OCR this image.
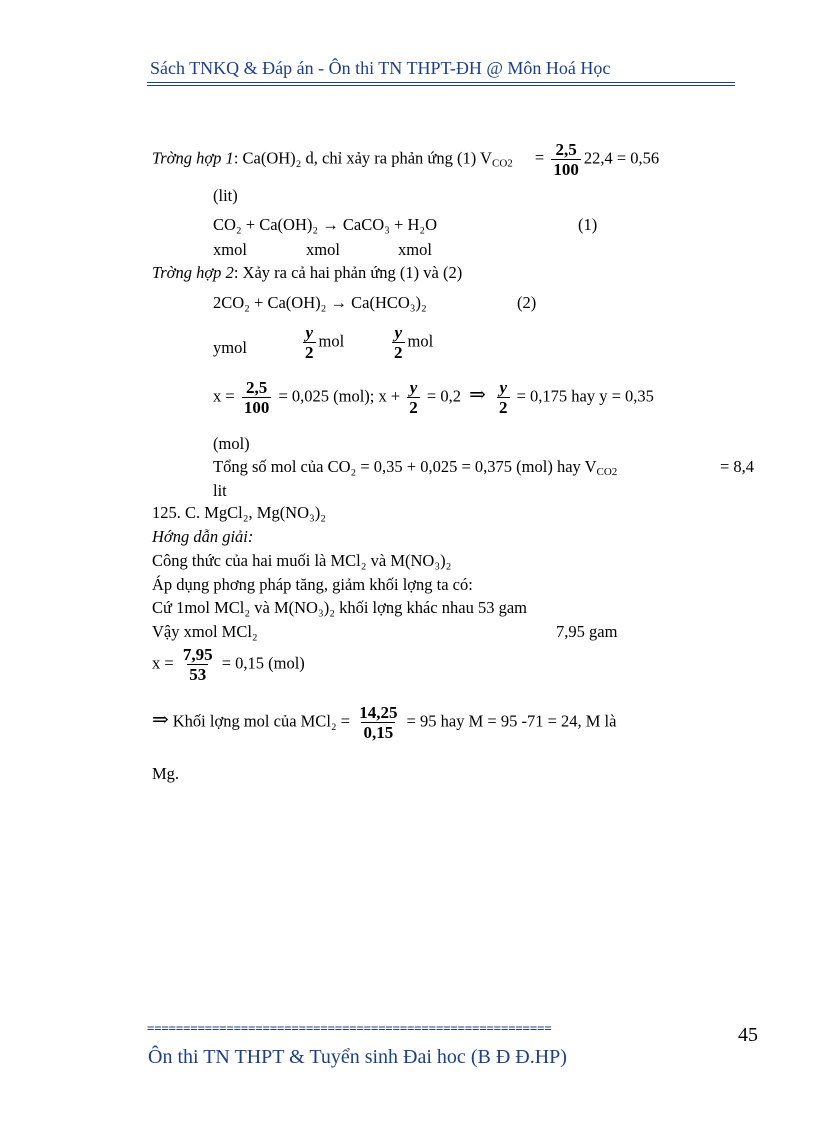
Sách TNKQ & Đáp án - Ôn thi TN THPT-ĐH @ Môn Hoá Học
Trờng hợp 1: Ca(OH)₂ d, chỉ xảy ra phản ứng (1) $V_{CO2} = \frac{2,5}{100} 22,4 = 0,56$
(lit)
CO₂ + Ca(OH)₂ → CaCO₃ + H₂O	(1)
xmol	xmol	xmol
Trờng hợp 2: Xảy ra cả hai phản ứng (1) và (2)
2CO₂ + Ca(OH)₂ → Ca(HCO₃)₂	(2)
ymol	$\frac{y}{2}$ mol	$\frac{y}{2}$ mol
$x = \frac{2,5}{100} = 0,025$ (mol); $x + \frac{y}{2} = 0,2$ ⇒ $\frac{y}{2} = 0,175$ hay y = 0,35
(mol)
Tổng số mol của CO₂ = 0,35 + 0,025 = 0,375 (mol) hay $V_{CO2}$	= 8,4
lit
125. C. MgCl₂, Mg(NO₃)₂
Hớng dẫn giải:
Công thức của hai muối là MCl₂ và M(NO₃)₂
Áp dụng phơng pháp tăng, giảm khối lợng ta có:
Cứ 1mol MCl₂ và M(NO₃)₂ khối lợng khác nhau 53 gam
Vậy xmol MCl₂	7,95 gam
$x = \frac{7,95}{53} = 0,15$ (mol)
⇒ Khối lợng mol của $MCl_2 = \frac{14,25}{0,15} = 95$ hay M = 95 -71 = 24, M là
Mg.
========================================================	45
Ôn thi TN THPT & Tuyển sinh Đai hoc (B Đ Đ.HP)
